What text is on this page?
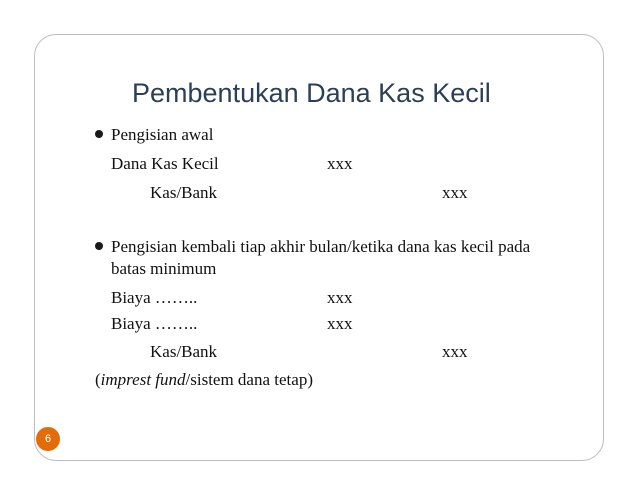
Pembentukan Dana Kas Kecil
Pengisian awal
Dana Kas Kecil	xxx
Kas/Bank	xxx
Pengisian kembali tiap akhir bulan/ketika dana kas kecil pada
batas minimum
Biaya ……..	xxx
Biaya ……..	xxx
Kas/Bank	xxx
(imprest fund/sistem dana tetap)
6
